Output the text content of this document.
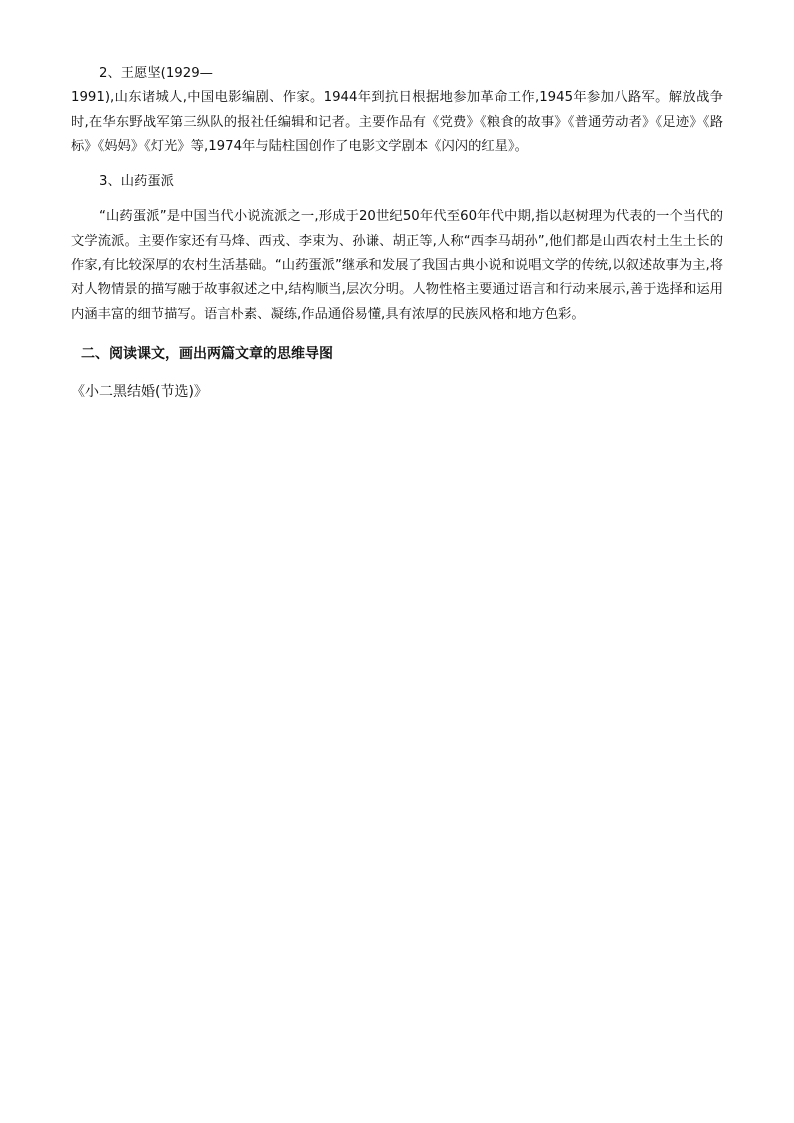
2、王愿坚(1929—

1991),山东诸城人,中国电影编剧、作家。1944年到抗日根据地参加革命工作,1945年参加八路军。解放战争时,在华东野战军第三纵队的报社任编辑和记者。主要作品有《党费》《粮食的故事》《普通劳动者》《足迹》《路标》《妈妈》《灯光》等,1974年与陆柱国创作了电影文学剧本《闪闪的红星》。

3、山药蛋派

“山药蛋派”是中国当代小说流派之一,形成于20世纪50年代至60年代中期,指以赵树理为代表的一个当代的文学流派。主要作家还有马烽、西戎、李束为、孙谦、胡正等,人称“西李马胡孙”,他们都是山西农村土生土长的作家,有比较深厚的农村生活基础。“山药蛋派”继承和发展了我国古典小说和说唱文学的传统,以叙述故事为主,将对人物情景的描写融于故事叙述之中,结构顺当,层次分明。人物性格主要通过语言和行动来展示,善于选择和运用内涵丰富的细节描写。语言朴素、凝练,作品通俗易懂,具有浓厚的民族风格和地方色彩。

二、阅读课文，画出两篇文章的思维导图
《小二黑结婚(节选)》
